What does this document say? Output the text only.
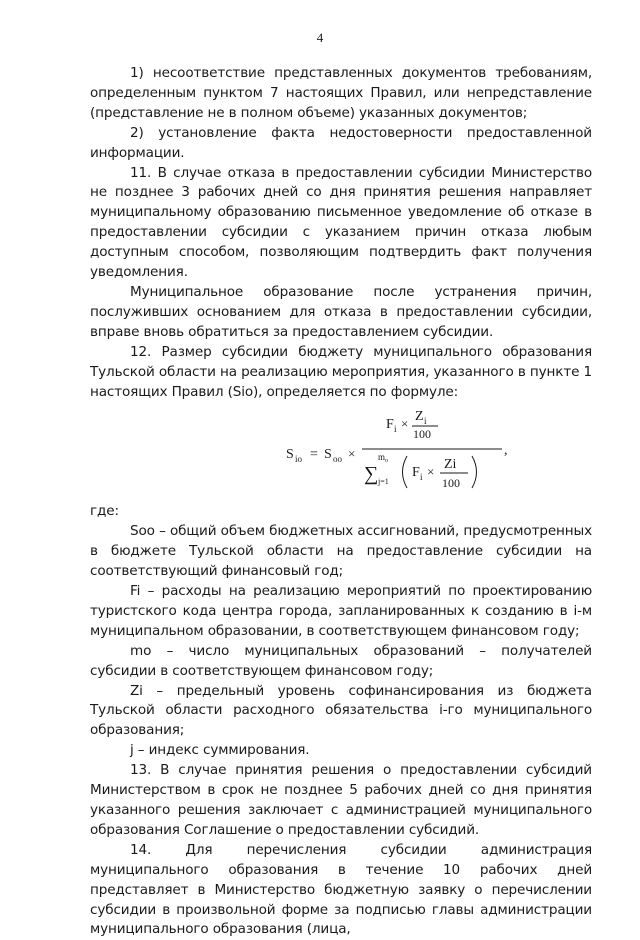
4

1) несоответствие представленных документов требованиям, определенным пунктом 7 настоящих Правил, или непредставление (представление не в полном объеме) указанных документов;

2) установление факта недостоверности предоставленной информации.

11. В случае отказа в предоставлении субсидии Министерство не позднее 3 рабочих дней со дня принятия решения направляет муниципальному образованию письменное уведомление об отказе в предоставлении субсидии с указанием причин отказа любым доступным способом, позволяющим подтвердить факт получения уведомления.

Муниципальное образование после устранения причин, послуживших основанием для отказа в предоставлении субсидии, вправе вновь обратиться за предоставлением субсидии.

12. Размер субсидии бюджету муниципального образования Тульской области на реализацию мероприятия, указанного в пункте 1 настоящих Правил (Sio), определяется по формуле:

S io = S oo ×
F i × Z i
100
∑
m o
j=1
F i × Zi
100
,

где:

Soo – общий объем бюджетных ассигнований, предусмотренных в бюджете Тульской области на предоставление субсидии на соответствующий финансовый год;

Fi – расходы на реализацию мероприятий по проектированию туристского кода центра города, запланированных к созданию в i-м муниципальном образовании, в соответствующем финансовом году;

mo – число муниципальных образований – получателей субсидии в соответствующем финансовом году;

Zi – предельный уровень софинансирования из бюджета Тульской области расходного обязательства i-го муниципального образования;

j – индекс суммирования.

13. В случае принятия решения о предоставлении субсидий Министерством в срок не позднее 5 рабочих дней со дня принятия указанного решения заключает с администрацией муниципального образования Соглашение о предоставлении субсидий.

14. Для перечисления субсидии администрация муниципального образования в течение 10 рабочих дней представляет в Министерство бюджетную заявку о перечислении субсидии в произвольной форме за подписью главы администрации муниципального образования (лица,
